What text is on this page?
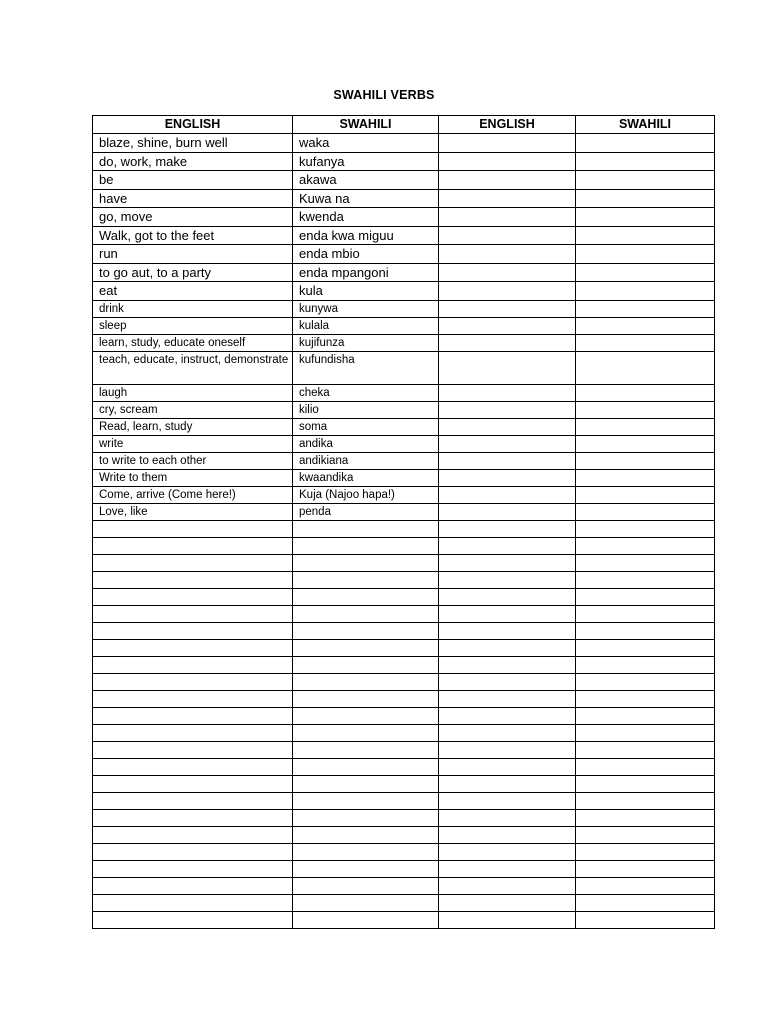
SWAHILI VERBS
ENGLISH	SWAHILI	ENGLISH	SWAHILI
blaze, shine, burn well	waka		
do, work, make	kufanya		
be	akawa		
have	Kuwa na		
go, move	kwenda		
Walk, got to the feet	enda kwa miguu		
run	enda mbio		
to go aut, to a party	enda mpangoni		
eat	kula		
drink	kunywa		
sleep	kulala		
learn, study, educate oneself	kujifunza		
teach, educate, instruct, demonstrate	kufundisha		
laugh	cheka		
cry, scream	kilio		
Read, learn, study	soma		
write	andika		
to write to each other	andikiana		
Write to them	kwaandika		
Come, arrive (Come here!)	Kuja (Najoo hapa!)		
Love, like	penda		
